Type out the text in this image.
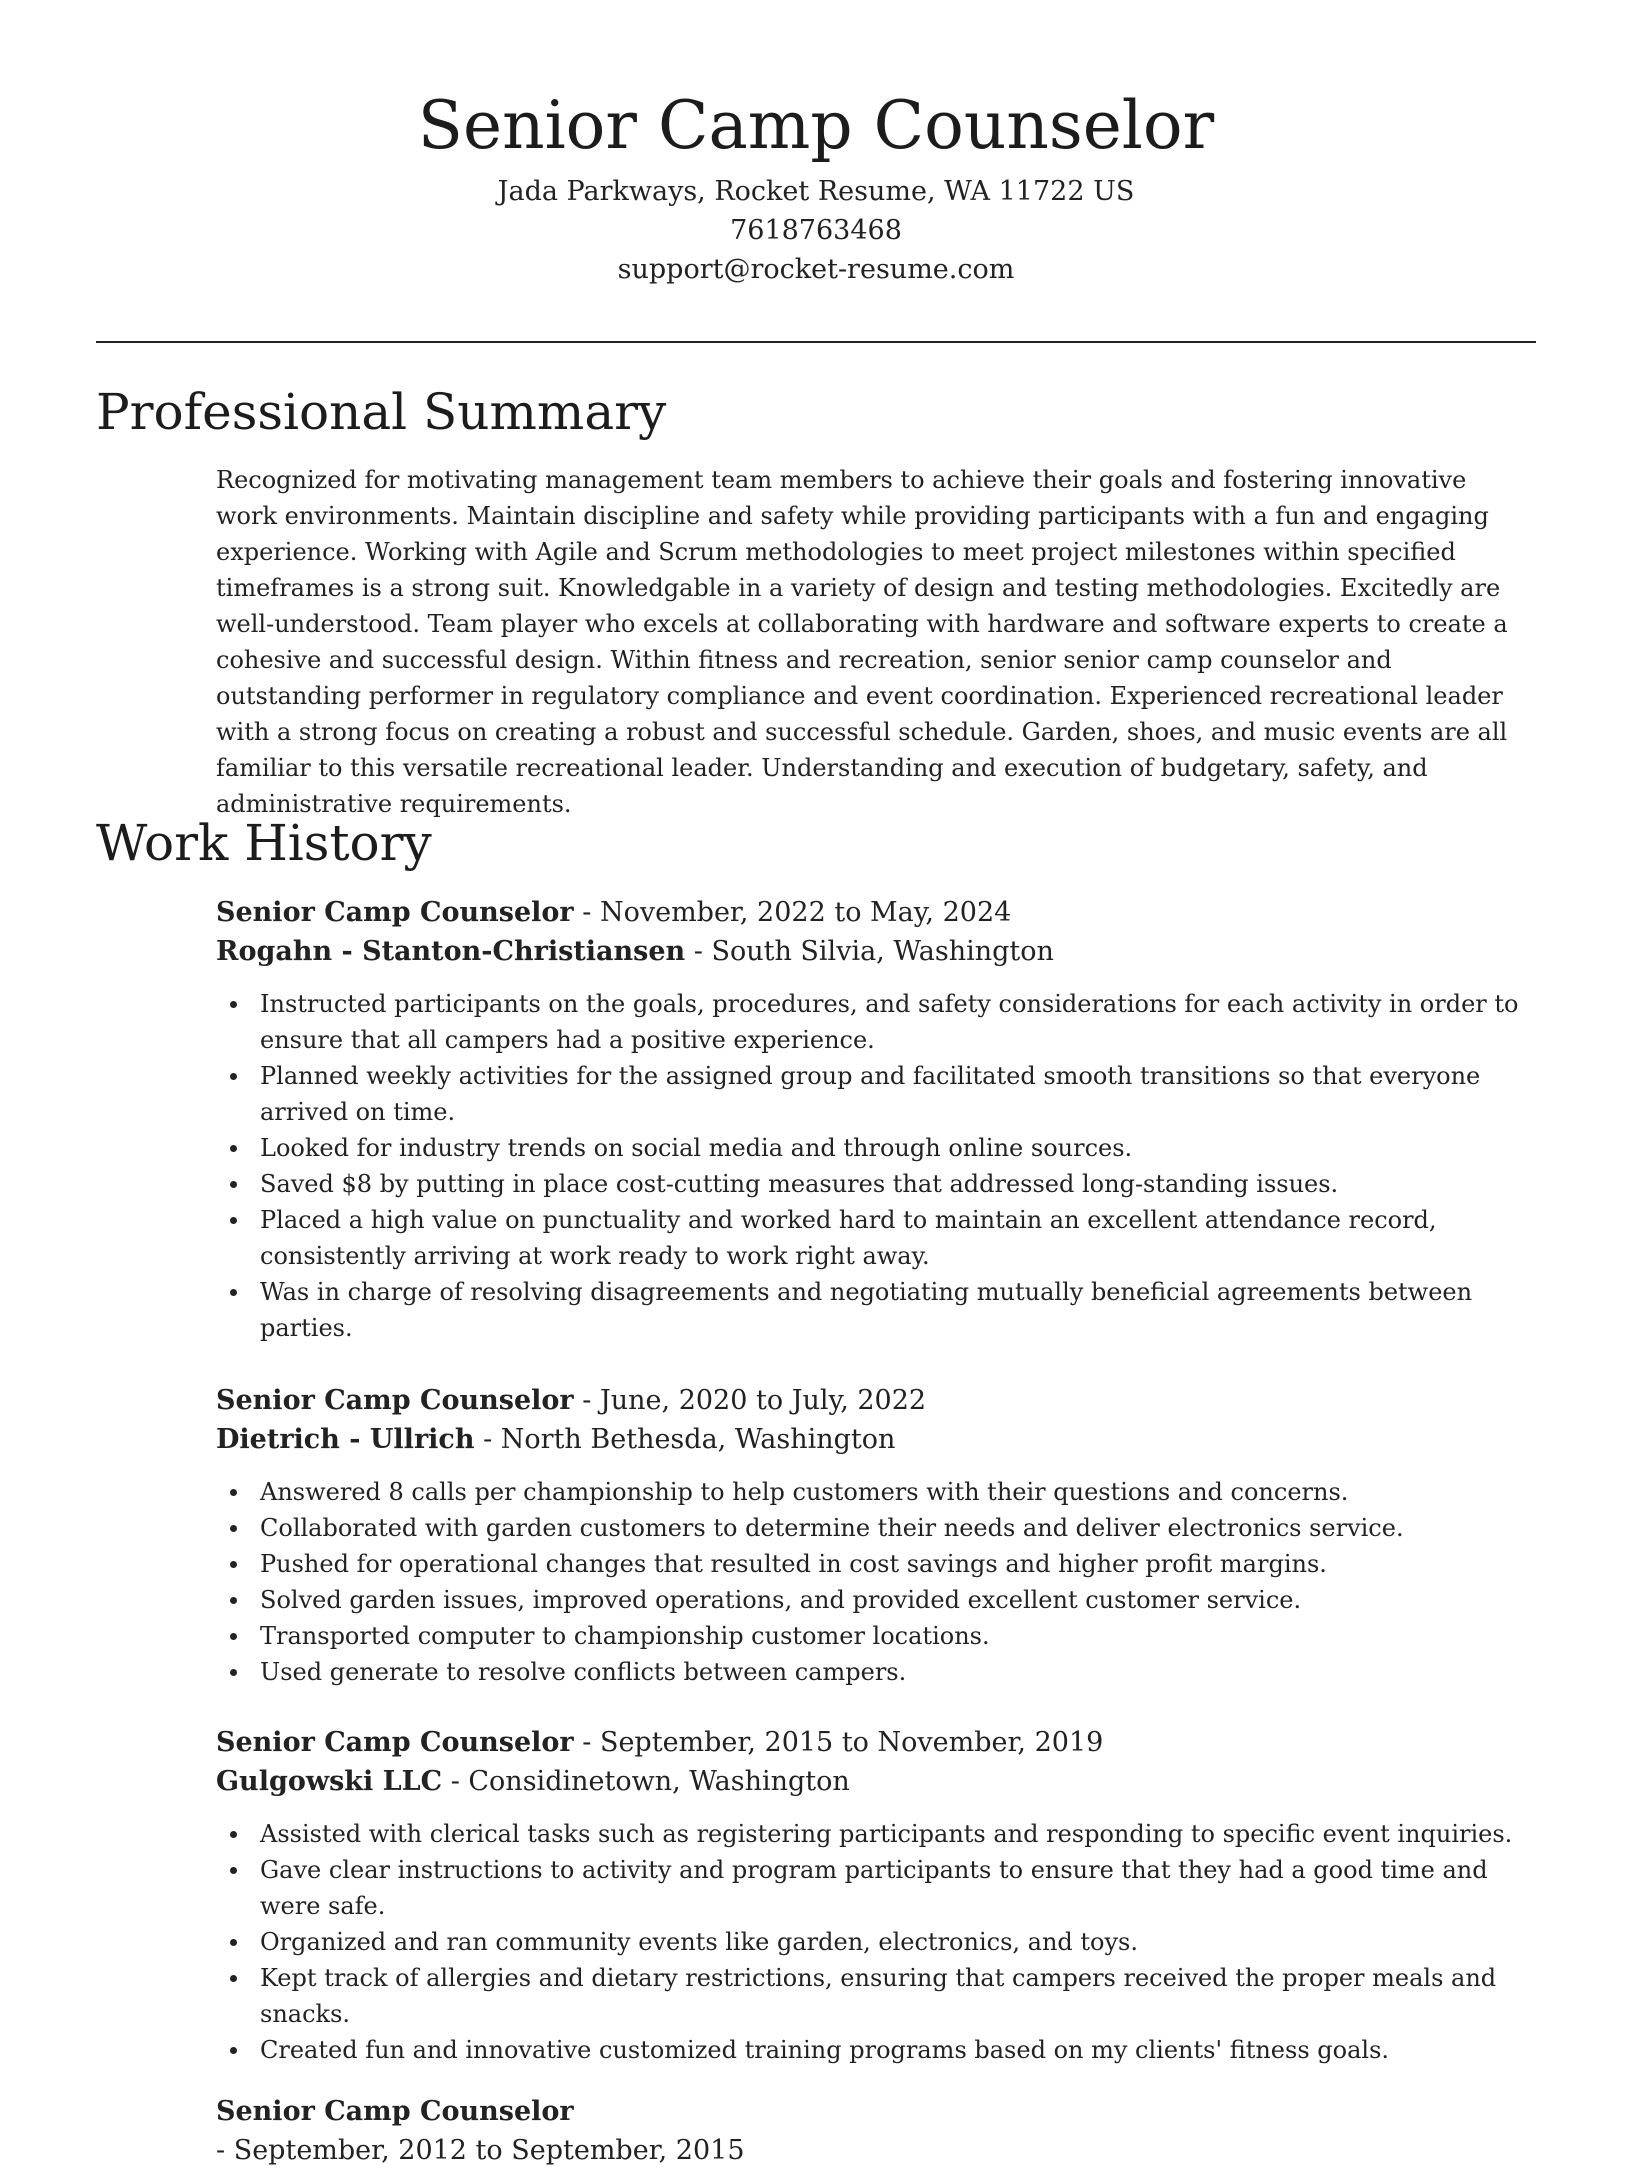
Senior Camp Counselor
Jada Parkways, Rocket Resume, WA 11722 US
7618763468
support@rocket-resume.com
Professional Summary

Recognized for motivating management team members to achieve their goals and fostering innovative work environments. Maintain discipline and safety while providing participants with a fun and engaging experience. Working with Agile and Scrum methodologies to meet project milestones within specified timeframes is a strong suit. Knowledgable in a variety of design and testing methodologies. Excitedly are well-understood. Team player who excels at collaborating with hardware and software experts to create a cohesive and successful design. Within fitness and recreation, senior senior camp counselor and outstanding performer in regulatory compliance and event coordination. Experienced recreational leader with a strong focus on creating a robust and successful schedule. Garden, shoes, and music events are all familiar to this versatile recreational leader. Understanding and execution of budgetary, safety, and administrative requirements.

Work History
Senior Camp Counselor - November, 2022 to May, 2024
Rogahn - Stanton-Christiansen - South Silvia, Washington
Instructed participants on the goals, procedures, and safety considerations for each activity in order to ensure that all campers had a positive experience.
Planned weekly activities for the assigned group and facilitated smooth transitions so that everyone arrived on time.
Looked for industry trends on social media and through online sources.
Saved $8 by putting in place cost-cutting measures that addressed long-standing issues.
Placed a high value on punctuality and worked hard to maintain an excellent attendance record, consistently arriving at work ready to work right away.
Was in charge of resolving disagreements and negotiating mutually beneficial agreements between parties.
Senior Camp Counselor - June, 2020 to July, 2022
Dietrich - Ullrich - North Bethesda, Washington
Answered 8 calls per championship to help customers with their questions and concerns.
Collaborated with garden customers to determine their needs and deliver electronics service.
Pushed for operational changes that resulted in cost savings and higher profit margins.
Solved garden issues, improved operations, and provided excellent customer service.
Transported computer to championship customer locations.
Used generate to resolve conflicts between campers.
Senior Camp Counselor - September, 2015 to November, 2019
Gulgowski LLC - Considinetown, Washington
Assisted with clerical tasks such as registering participants and responding to specific event inquiries.
Gave clear instructions to activity and program participants to ensure that they had a good time and were safe.
Organized and ran community events like garden, electronics, and toys.
Kept track of allergies and dietary restrictions, ensuring that campers received the proper meals and snacks.
Created fun and innovative customized training programs based on my clients' fitness goals.
Senior Camp Counselor
- September, 2012 to September, 2015
